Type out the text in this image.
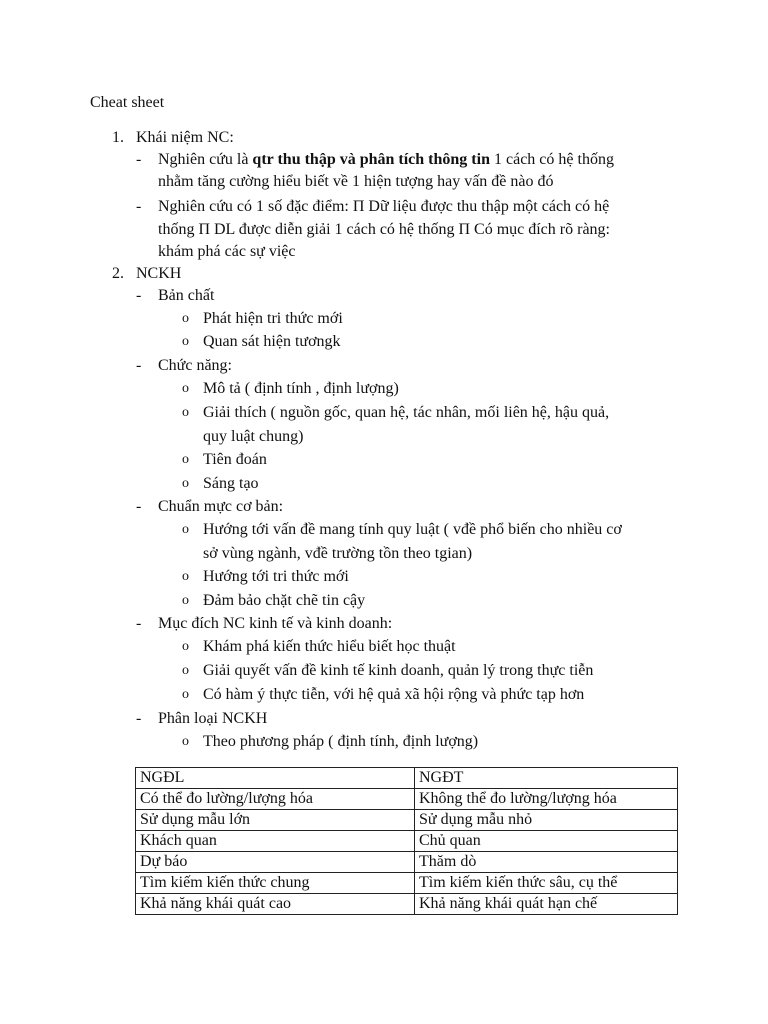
Cheat sheet
1. Khái niệm NC:
- Nghiên cứu là qtr thu thập và phân tích thông tin 1 cách có hệ thống
nhằm tăng cường hiểu biết về 1 hiện tượng hay vấn đề nào đó
- Nghiên cứu có 1 số đặc điểm: Π Dữ liệu được thu thập một cách có hệ
thống Π DL được diễn giải 1 cách có hệ thống Π Có mục đích rõ ràng:
khám phá các sự việc
2. NCKH
- Bản chất
o Phát hiện tri thức mới
o Quan sát hiện tươngk
- Chức năng:
o Mô tả ( định tính , định lượng)
o Giải thích ( nguồn gốc, quan hệ, tác nhân, mối liên hệ, hậu quả,
quy luật chung)
o Tiên đoán
o Sáng tạo
- Chuẩn mực cơ bản:
o Hướng tới vấn đề mang tính quy luật ( vđề phổ biến cho nhiều cơ
sở vùng ngành, vđề trường tồn theo tgian)
o Hướng tới tri thức mới
o Đảm bảo chặt chẽ tin cậy
- Mục đích NC kinh tế và kinh doanh:
o Khám phá kiến thức hiểu biết học thuật
o Giải quyết vấn đề kinh tế kinh doanh, quản lý trong thực tiễn
o Có hàm ý thực tiễn, với hệ quả xã hội rộng và phức tạp hơn
- Phân loại NCKH
o Theo phương pháp ( định tính, định lượng)
NGĐL	NGĐT
Có thể đo lường/lượng hóa	Không thể đo lường/lượng hóa
Sử dụng mẫu lớn	Sử dụng mẫu nhỏ
Khách quan	Chủ quan
Dự báo	Thăm dò
Tìm kiếm kiến thức chung	Tìm kiếm kiến thức sâu, cụ thể
Khả năng khái quát cao	Khả năng khái quát hạn chế
